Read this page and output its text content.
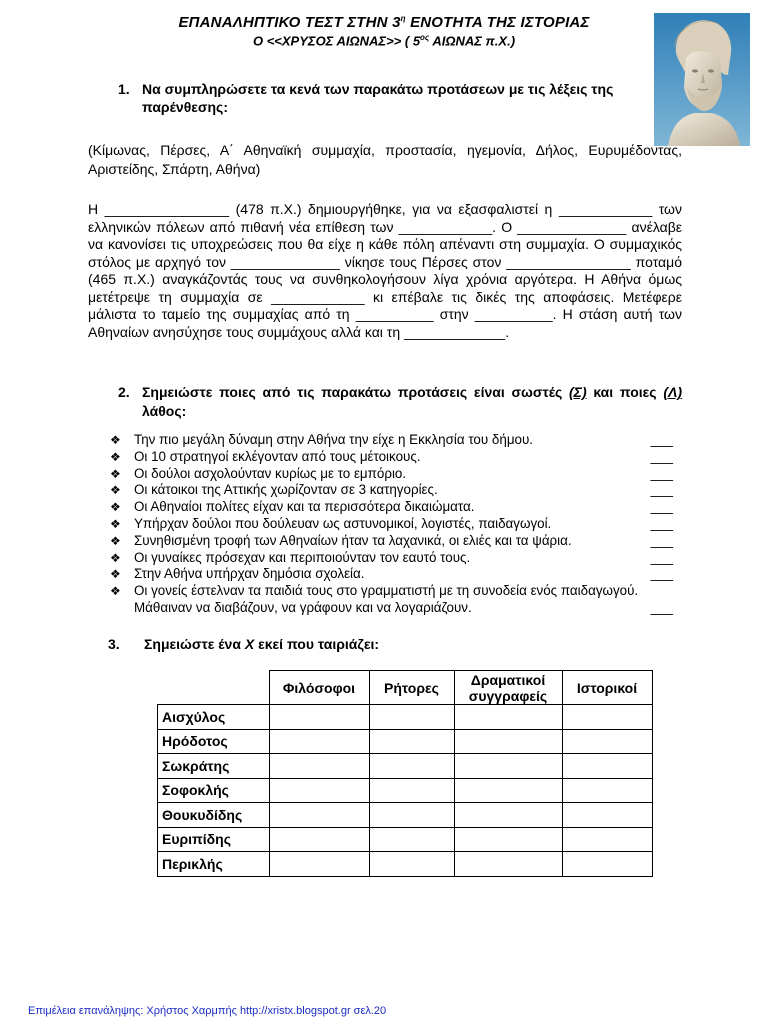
ΕΠΑΝΑΛΗΠΤΙΚΟ ΤΕΣΤ ΣΤΗΝ $3^\eta$ ΕΝΟΤΗΤΑ ΤΗΣ ΙΣΤΟΡΙΑΣ
Ο <<ΧΡΥΣΟΣ ΑΙΩΝΑΣ>> ( $5^{o\varsigma}$ ΑΙΩΝΑΣ π.Χ.)
1. Να συμπληρώσετε τα κενά των παρακάτω προτάσεων με τις λέξεις της παρένθεσης:
(Κίμωνας, Πέρσες, Α΄ Αθηναϊκή συμμαχία, προστασία, ηγεμονία, Δήλος, Ευρυμέδοντας, Αριστείδης, Σπάρτη, Αθήνα)
Η ________________ (478 π.Χ.) δημιουργήθηκε, για να εξασφαλιστεί η ____________ των ελληνικών πόλεων από πιθανή νέα επίθεση των ____________. Ο ______________ ανέλαβε να κανονίσει τις υποχρεώσεις που θα είχε η κάθε πόλη απέναντι στη συμμαχία. Ο συμμαχικός στόλος με αρχηγό τον ______________ νίκησε τους Πέρσες στον ________________ ποταμό (465 π.Χ.) αναγκάζοντάς τους να συνθηκολογήσουν λίγα χρόνια αργότερα. Η Αθήνα όμως μετέτρεψε τη συμμαχία σε ____________ κι επέβαλε τις δικές της αποφάσεις. Μετέφερε μάλιστα το ταμείο της συμμαχίας από τη __________ στην __________. Η στάση αυτή των Αθηναίων ανησύχησε τους συμμάχους αλλά και τη _____________.
2. Σημειώστε ποιες από τις παρακάτω προτάσεις είναι σωστές (Σ) και ποιες (Λ) λάθος:
❖ Την πιο μεγάλη δύναμη στην Αθήνα την είχε η Εκκλησία του δήμου.	___
❖ Οι 10 στρατηγοί εκλέγονταν από τους μέτοικους.	___
❖ Οι δούλοι ασχολούνταν κυρίως με το εμπόριο.	___
❖ Οι κάτοικοι της Αττικής χωρίζονταν σε 3 κατηγορίες.	___
❖ Οι Αθηναίοι πολίτες είχαν και τα περισσότερα δικαιώματα.	___
❖ Υπήρχαν δούλοι που δούλευαν ως αστυνομικοί, λογιστές, παιδαγωγοί.	___
❖ Συνηθισμένη τροφή των Αθηναίων ήταν τα λαχανικά, οι ελιές και τα ψάρια.	___
❖ Οι γυναίκες πρόσεχαν και περιποιούνταν τον εαυτό τους.	___
❖ Στην Αθήνα υπήρχαν δημόσια σχολεία.	___
❖ Οι γονείς έστελναν τα παιδιά τους στο γραμματιστή με τη συνοδεία ενός παιδαγωγού. Μάθαιναν να διαβάζουν, να γράφουν και να λογαριάζουν.	___
3. Σημειώστε ένα Χ εκεί που ταιριάζει:
	Φιλόσοφοι	Ρήτορες	Δραματικοί συγγραφείς	Ιστορικοί
Αισχύλος				
Ηρόδοτος				
Σωκράτης				
Σοφοκλής				
Θουκυδίδης				
Ευριπίδης				
Περικλής				
Επιμέλεια επανάληψης: Χρήστος Χαρμπής http://xristx.blogspot.gr σελ.20
